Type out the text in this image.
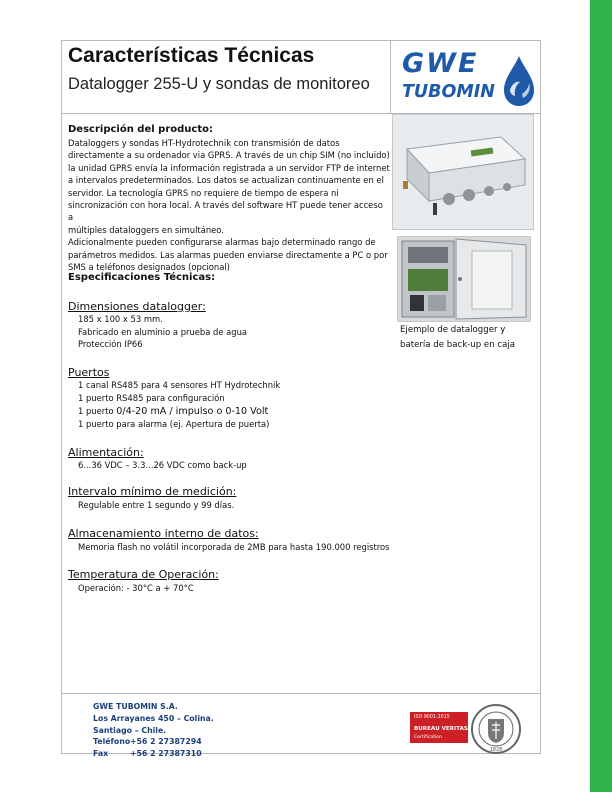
Características Técnicas
Datalogger 255-U y sondas de monitoreo
GWE
TUBOMIN
Descripción del producto:
Dataloggers y sondas HT-Hydrotechnik con transmisión de datos
directamente a su ordenador via GPRS. A través de un chip SIM (no incluido)
la unidad GPRS envía la información registrada a un servidor FTP de internet
a intervalos predeterminados. Los datos se actualizan continuamente en el
servidor. La tecnología GPRS no requiere de tiempo de espera ni
sincronización con hora local. A través del software HT puede tener acceso a
múltiples dataloggers en simultáneo.
Adicionalmente pueden configurarse alarmas bajo determinado rango de
parámetros medidos. Las alarmas pueden enviarse directamente a PC o por
SMS a teléfonos designados (opcional)
Especificaciones Técnicas:
Dimensiones datalogger:
185 x 100 x 53 mm.
Fabricado en aluminio a prueba de agua
Protección IP66
Puertos
1 canal RS485 para 4 sensores HT Hydrotechnik
1 puerto RS485 para configuración
1 puerto 0/4-20 mA / impulso o 0-10 Volt
1 puerto para alarma (ej. Apertura de puerta)
Alimentación:
6...36 VDC – 3.3...26 VDC como back-up
Intervalo mínimo de medición:
Regulable entre 1 segundo y 99 días.
Almacenamiento interno de datos:
Memoria flash no volátil incorporada de 2MB para hasta 190.000 registros
Temperatura de Operación:
Operación: - 30°C a + 70°C
Ejemplo de datalogger y
batería de back-up en caja
GWE TUBOMIN S.A.
Los Arrayanes 450 – Colina.
Santiago – Chile.
Teléfono+56 2 27387294
Fax	+56 2 27387310
ISO 9001:2015
BUREAU VERITAS
Certification
1828
